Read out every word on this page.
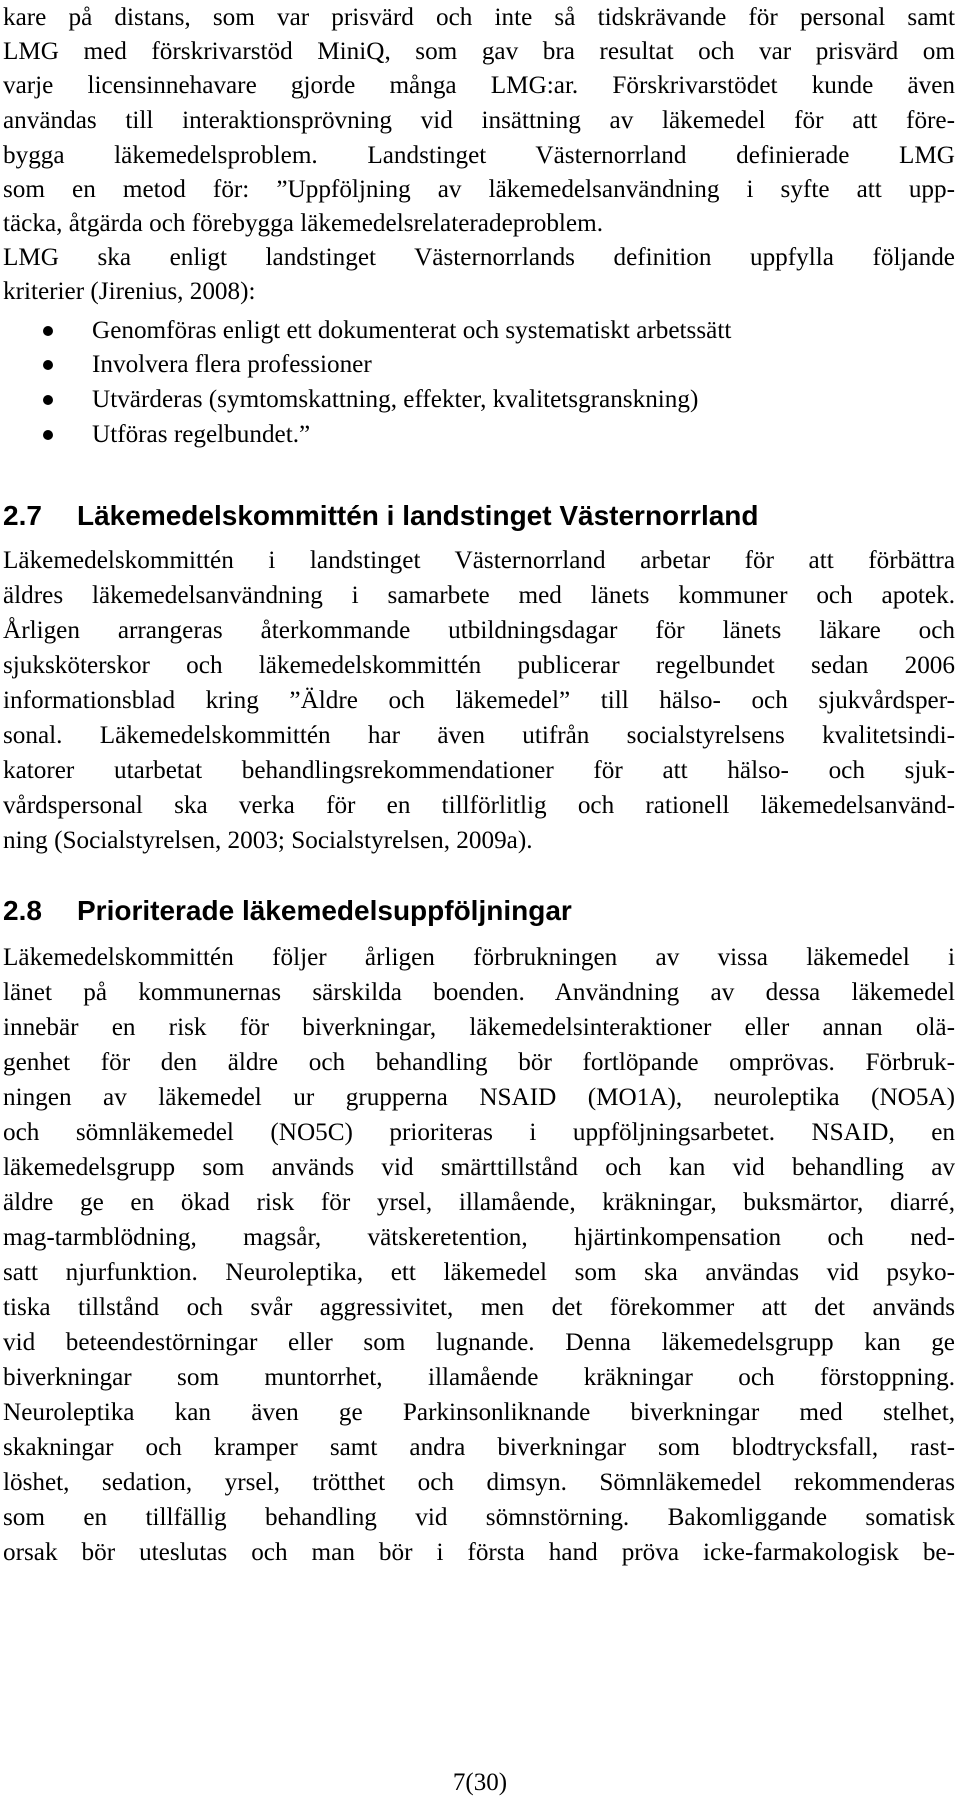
kare på distans, som var prisvärd och inte så tidskrävande för personal samt
LMG med förskrivarstöd MiniQ, som gav bra resultat och var prisvärd om
varje licensinnehavare gjorde många LMG:ar. Förskrivarstödet kunde även
användas till interaktionsprövning vid insättning av läkemedel för att före-
bygga läkemedelsproblem. Landstinget Västernorrland definierade LMG
som en metod för: ”Uppföljning av läkemedelsanvändning i syfte att upp-
täcka, åtgärda och förebygga läkemedelsrelateradeproblem.
LMG ska enligt landstinget Västernorrlands definition uppfylla följande
kriterier (Jirenius, 2008):
Genomföras enligt ett dokumenterat och systematiskt arbetssätt
Involvera flera professioner
Utvärderas (symtomskattning, effekter, kvalitetsgranskning)
Utföras regelbundet.”
2.7 Läkemedelskommittén i landstinget Västernorrland
Läkemedelskommittén i landstinget Västernorrland arbetar för att förbättra
äldres läkemedelsanvändning i samarbete med länets kommuner och apotek.
Årligen arrangeras återkommande utbildningsdagar för länets läkare och
sjuksköterskor och läkemedelskommittén publicerar regelbundet sedan 2006
informationsblad kring ”Äldre och läkemedel” till hälso- och sjukvårdsper-
sonal. Läkemedelskommittén har även utifrån socialstyrelsens kvalitetsindi-
katorer utarbetat behandlingsrekommendationer för att hälso- och sjuk-
vårdspersonal ska verka för en tillförlitlig och rationell läkemedelsanvänd-
ning (Socialstyrelsen, 2003; Socialstyrelsen, 2009a).
2.8 Prioriterade läkemedelsuppföljningar
Läkemedelskommittén följer årligen förbrukningen av vissa läkemedel i
länet på kommunernas särskilda boenden. Användning av dessa läkemedel
innebär en risk för biverkningar, läkemedelsinteraktioner eller annan olä-
genhet för den äldre och behandling bör fortlöpande omprövas. Förbruk-
ningen av läkemedel ur grupperna NSAID (MO1A), neuroleptika (NO5A)
och sömnläkemedel (NO5C) prioriteras i uppföljningsarbetet. NSAID, en
läkemedelsgrupp som används vid smärttillstånd och kan vid behandling av
äldre ge en ökad risk för yrsel, illamående, kräkningar, buksmärtor, diarré,
mag-tarmblödning, magsår, vätskeretention, hjärtinkompensation och ned-
satt njurfunktion. Neuroleptika, ett läkemedel som ska användas vid psyko-
tiska tillstånd och svår aggressivitet, men det förekommer att det används
vid beteendestörningar eller som lugnande. Denna läkemedelsgrupp kan ge
biverkningar som muntorrhet, illamående kräkningar och förstoppning.
Neuroleptika kan även ge Parkinsonliknande biverkningar med stelhet,
skakningar och kramper samt andra biverkningar som blodtrycksfall, rast-
löshet, sedation, yrsel, trötthet och dimsyn. Sömnläkemedel rekommenderas
som en tillfällig behandling vid sömnstörning. Bakomliggande somatisk
orsak bör uteslutas och man bör i första hand pröva icke-farmakologisk be-
7(30)
